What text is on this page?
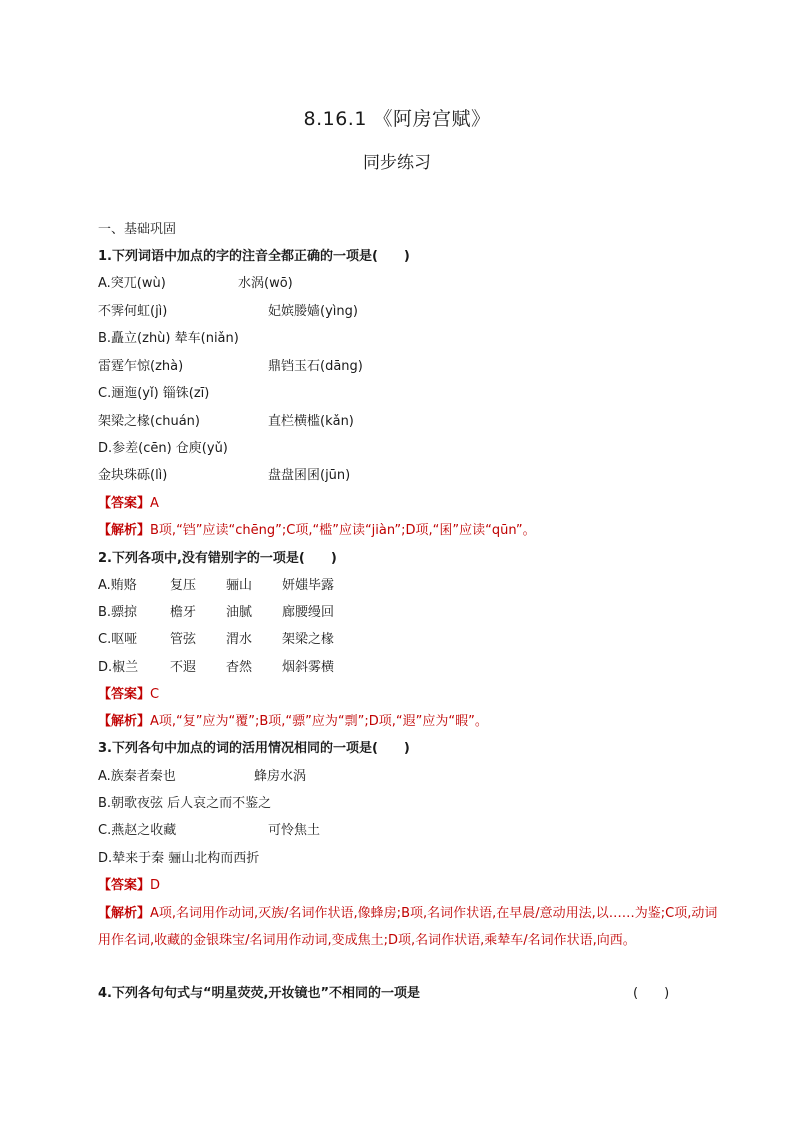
8.16.1 《阿房宫赋》
同步练习
一、基础巩固
1.下列词语中加点的字的注音全都正确的一项是(　　)
A.突兀(wù)	水涡(wō)
不霁何虹(jì)	妃嫔媵嫱(yìng)
B.矗立(zhù) 辇车(niǎn)
雷霆乍惊(zhà)	鼎铛玉石(dāng)
C.逦迤(yǐ) 锱铢(zī)
架梁之椽(chuán)	直栏横槛(kǎn)
D.参差(cēn) 仓庾(yǔ)
金块珠砾(lì)	盘盘囷囷(jūn)
【答案】A
【解析】B项,“铛”应读“chēng”;C项,“槛”应读“jiàn”;D项,“囷”应读“qūn”。
2.下列各项中,没有错别字的一项是(　　)
A.贿赂	复压 骊山 妍媸毕露
B.骠掠	檐牙 油腻 廊腰缦回
C.呕哑	管弦 渭水 架梁之椽
D.椒兰 不遐 杳然 烟斜雾横
【答案】C
【解析】A项,“复”应为“覆”;B项,“骠”应为“剽”;D项,“遐”应为“暇”。
3.下列各句中加点的词的活用情况相同的一项是(　　)
A.族秦者秦也	蜂房水涡
B.朝歌夜弦 后人哀之而不鉴之
C.燕赵之收藏	可怜焦土
D.辇来于秦 骊山北构而西折
【答案】D
【解析】A项,名词用作动词,灭族/名词作状语,像蜂房;B项,名词作状语,在早晨/意动用法,以……为鉴;C项,动词用作名词,收藏的金银珠宝/名词用作动词,变成焦土;D项,名词作状语,乘辇车/名词作状语,向西。
4.下列各句句式与“明星荧荧,开妆镜也”不相同的一项是	(　　)
